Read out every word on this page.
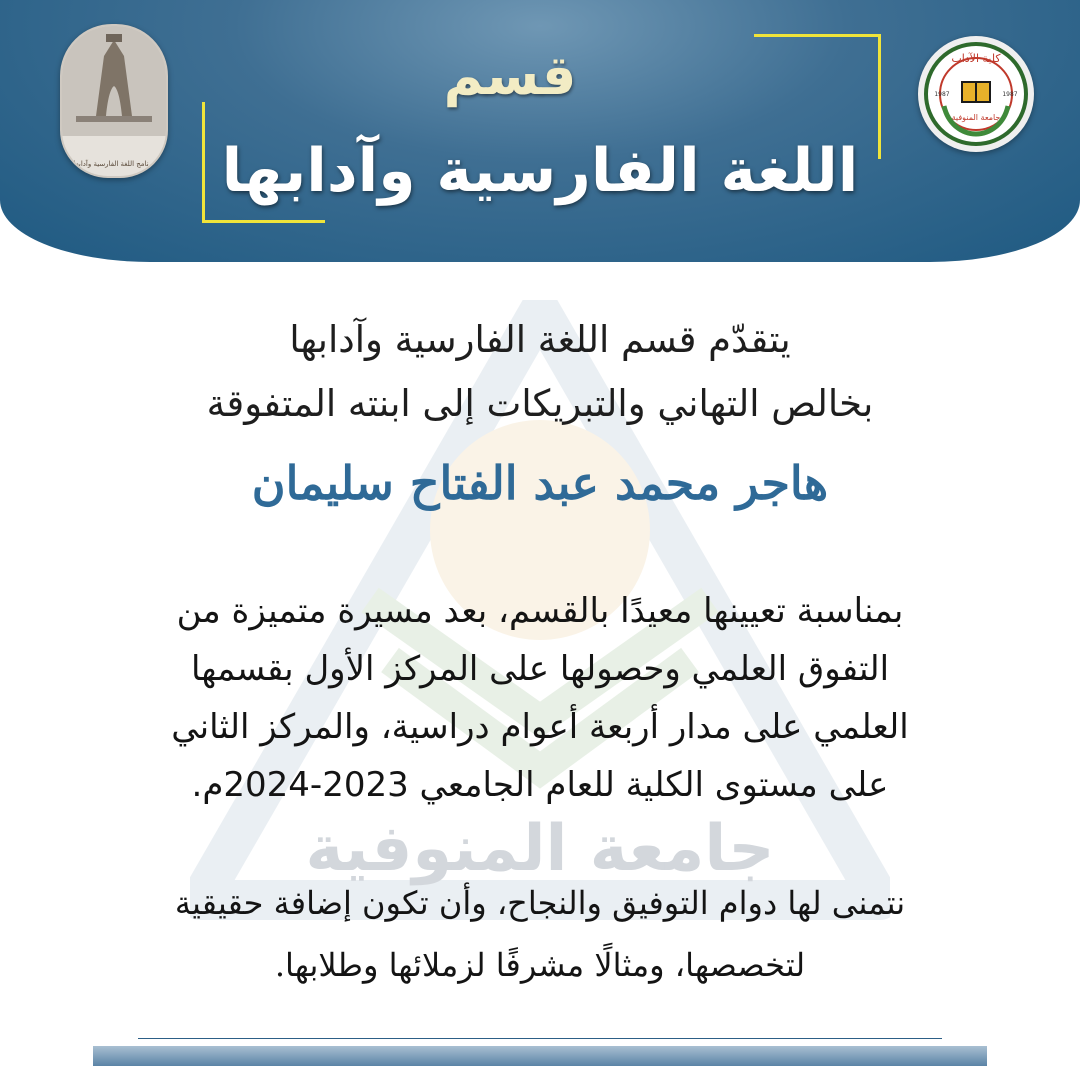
جامعة المنوفية
قسم
اللغة الفارسية وآدابها
برنامج اللغة الفارسية وآدابها
كلية الآداب
جامعة المنوفية
1987	1987
يتقدّم قسم اللغة الفارسية وآدابها
بخالص التهاني والتبريكات إلى ابنته المتفوقة
هاجر محمد عبد الفتاح سليمان
بمناسبة تعيينها معيدًا بالقسم، بعد مسيرة متميزة من
التفوق العلمي وحصولها على المركز الأول بقسمها
العلمي على مدار أربعة أعوام دراسية، والمركز الثاني
على مستوى الكلية للعام الجامعي 2023-2024م.
نتمنى لها دوام التوفيق والنجاح، وأن تكون إضافة حقيقية
لتخصصها، ومثالًا مشرفًا لزملائها وطلابها.
